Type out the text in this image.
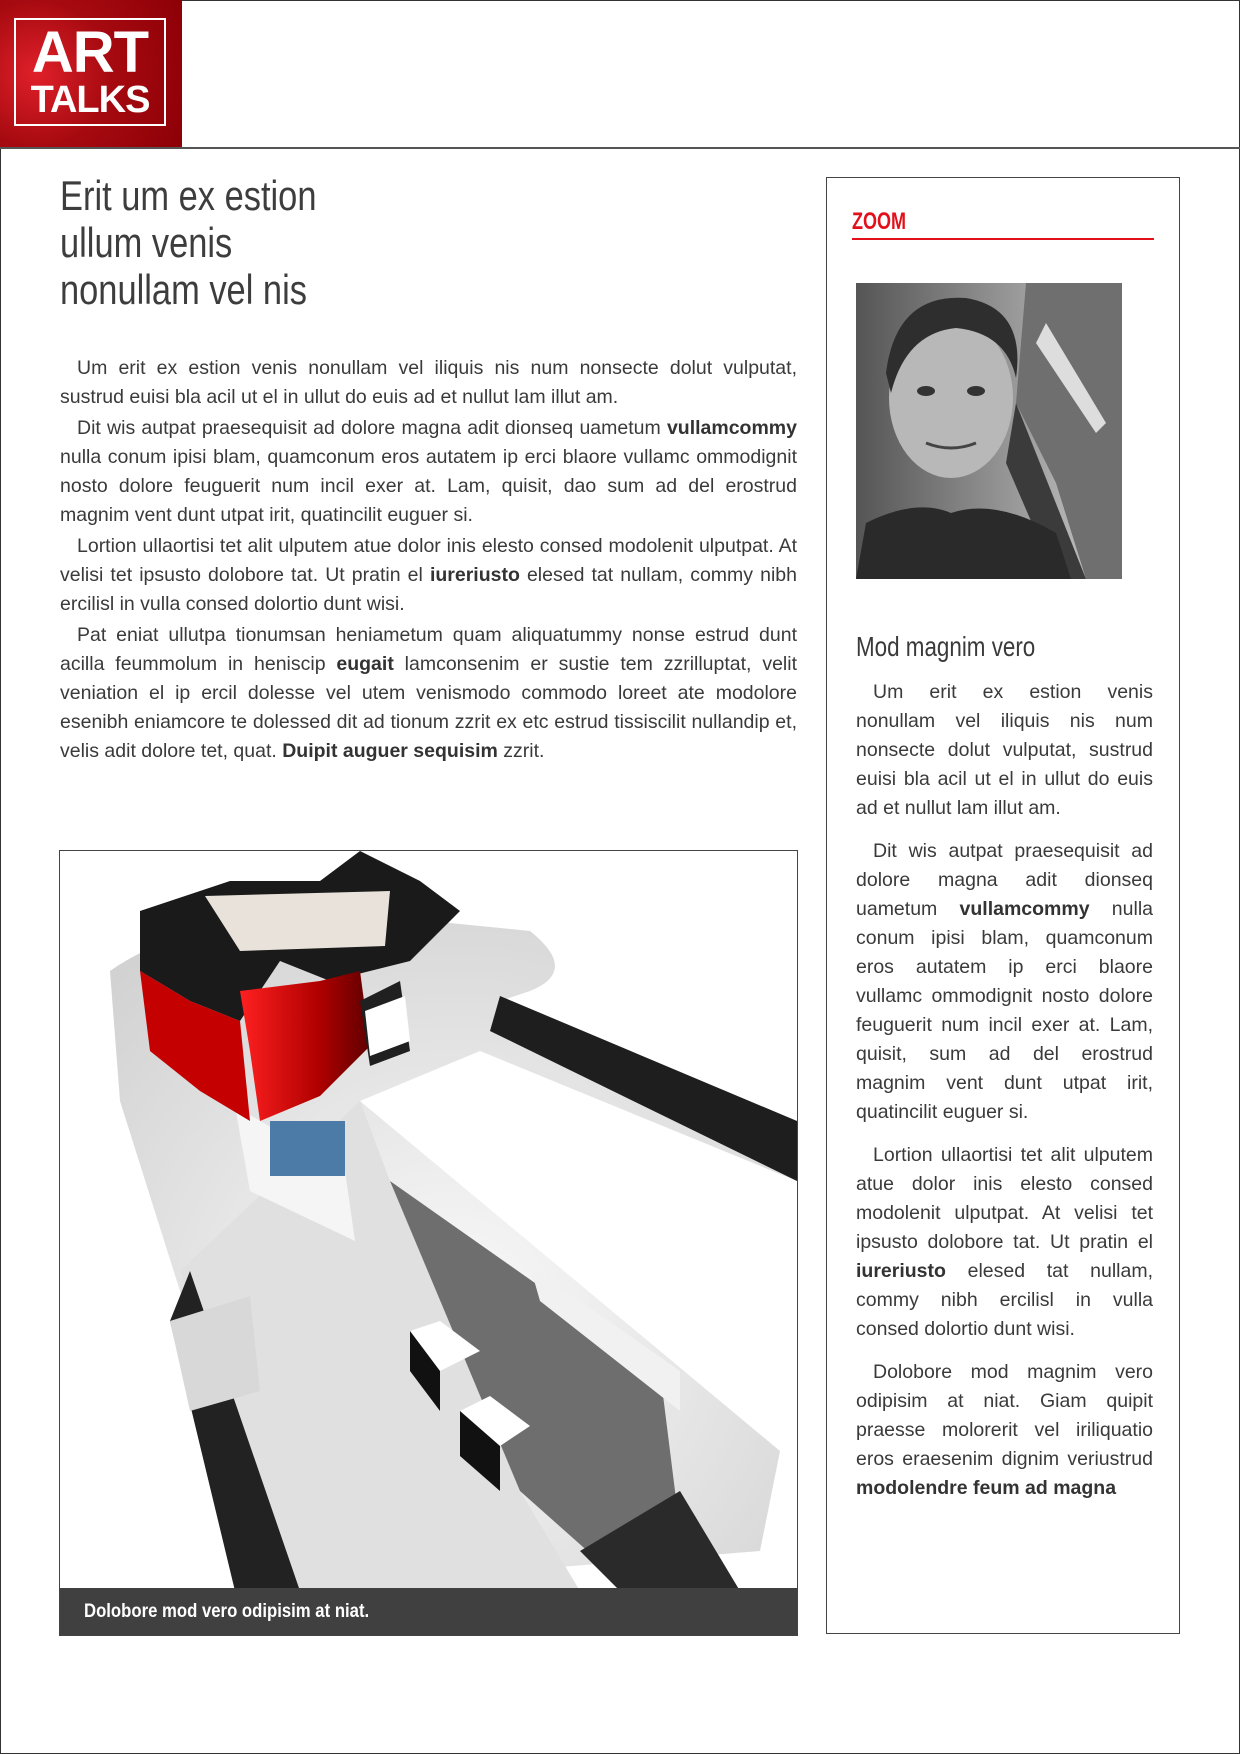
ART
TALKS
Erit um ex estion
ullum venis
nonullam vel nis

Um erit ex estion venis nonullam vel iliquis nis num nonsecte dolut vulputat, sustrud euisi bla acil ut el in ullut do euis ad et nullut lam illut am.

Dit wis autpat praesequisit ad dolore magna adit dionseq uametum vullamcommy nulla conum ipisi blam, quamconum eros autatem ip erci blaore vullamc ommodignit nosto dolore feuguerit num incil exer at. Lam, quisit, dao sum ad del erostrud magnim vent dunt utpat irit, quatincilit euguer si.

Lortion ullaortisi tet alit ulputem atue dolor inis elesto consed modolenit ulputpat. At velisi tet ipsusto dolobore tat. Ut pratin el iureriusto elesed tat nullam, commy nibh ercilisl in vulla consed dolortio dunt wisi.

Pat eniat ullutpa tionumsan heniametum quam aliquatummy nonse estrud dunt acilla feummolum in heniscip eugait lamconsenim er sustie tem zzrilluptat, velit veniation el ip ercil dolesse vel utem venismodo commodo loreet ate modolore esenibh eniamcore te dolessed dit ad tionum zzrit ex etc estrud tissiscilit nullandip et, velis adit dolore tet, quat. Duipit auguer sequisim zzrit.

Dolobore mod vero odipisim at niat.
ZOOM
Mod magnim vero

Um erit ex estion venis nonullam vel iliquis nis num nonsecte dolut vulputat, sustrud euisi bla acil ut el in ullut do euis ad et nullut lam illut am.

Dit wis autpat praesequisit ad dolore magna adit dionseq uametum vullamcommy nulla conum ipisi blam, quamconum eros autatem ip erci blaore vullamc ommodignit nosto dolore feuguerit num incil exer at. Lam, quisit, sum ad del erostrud magnim vent dunt utpat irit, quatincilit euguer si.

Lortion ullaortisi tet alit ulputem atue dolor inis elesto consed modolenit ulputpat. At velisi tet ipsusto dolobore tat. Ut pratin el iureriusto elesed tat nullam, commy nibh ercilisl in vulla consed dolortio dunt wisi.

Dolobore mod magnim vero odipisim at niat. Giam quipit praesse molorerit vel iriliquatio eros eraesenim dignim veriustrud modolendre feum ad magna
